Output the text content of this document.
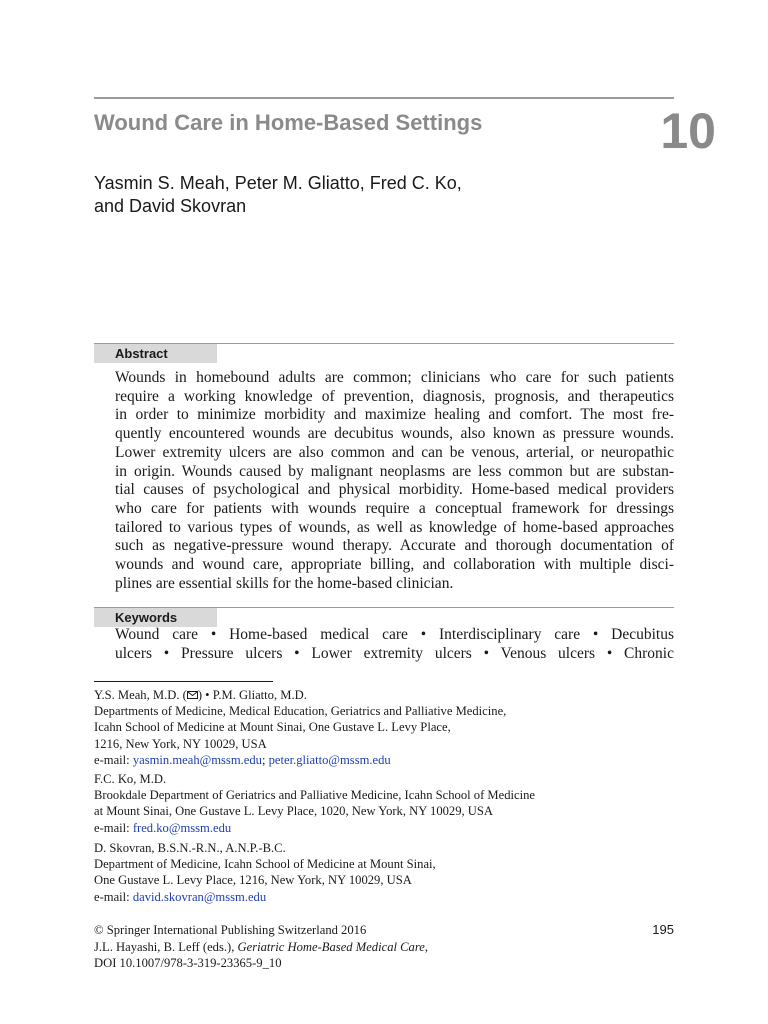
Wound Care in Home-Based Settings	10
Yasmin S. Meah, Peter M. Gliatto, Fred C. Ko,
and David Skovran
Abstract
Wounds in homebound adults are common; clinicians who care for such patients
require a working knowledge of prevention, diagnosis, prognosis, and therapeutics
in order to minimize morbidity and maximize healing and comfort. The most fre-
quently encountered wounds are decubitus wounds, also known as pressure wounds.
Lower extremity ulcers are also common and can be venous, arterial, or neuropathic
in origin. Wounds caused by malignant neoplasms are less common but are substan-
tial causes of psychological and physical morbidity. Home-based medical providers
who care for patients with wounds require a conceptual framework for dressings
tailored to various types of wounds, as well as knowledge of home-based approaches
such as negative-pressure wound therapy. Accurate and thorough documentation of
wounds and wound care, appropriate billing, and collaboration with multiple disci-
plines are essential skills for the home-based clinician.
Keywords
Wound care • Home-based medical care • Interdisciplinary care • Decubitus
ulcers • Pressure ulcers • Lower extremity ulcers • Venous ulcers • Chronic
Y.S. Meah, M.D. ( ) • P.M. Gliatto, M.D.
Departments of Medicine, Medical Education, Geriatrics and Palliative Medicine,
Icahn School of Medicine at Mount Sinai, One Gustave L. Levy Place,
1216, New York, NY 10029, USA
e-mail: yasmin.meah@mssm.edu; peter.gliatto@mssm.edu
F.C. Ko, M.D.
Brookdale Department of Geriatrics and Palliative Medicine, Icahn School of Medicine
at Mount Sinai, One Gustave L. Levy Place, 1020, New York, NY 10029, USA
e-mail: fred.ko@mssm.edu
D. Skovran, B.S.N.-R.N., A.N.P.-B.C.
Department of Medicine, Icahn School of Medicine at Mount Sinai,
One Gustave L. Levy Place, 1216, New York, NY 10029, USA
e-mail: david.skovran@mssm.edu
© Springer International Publishing Switzerland 2016
J.L. Hayashi, B. Leff (eds.), Geriatric Home-Based Medical Care,
DOI 10.1007/978-3-319-23365-9_10
195
